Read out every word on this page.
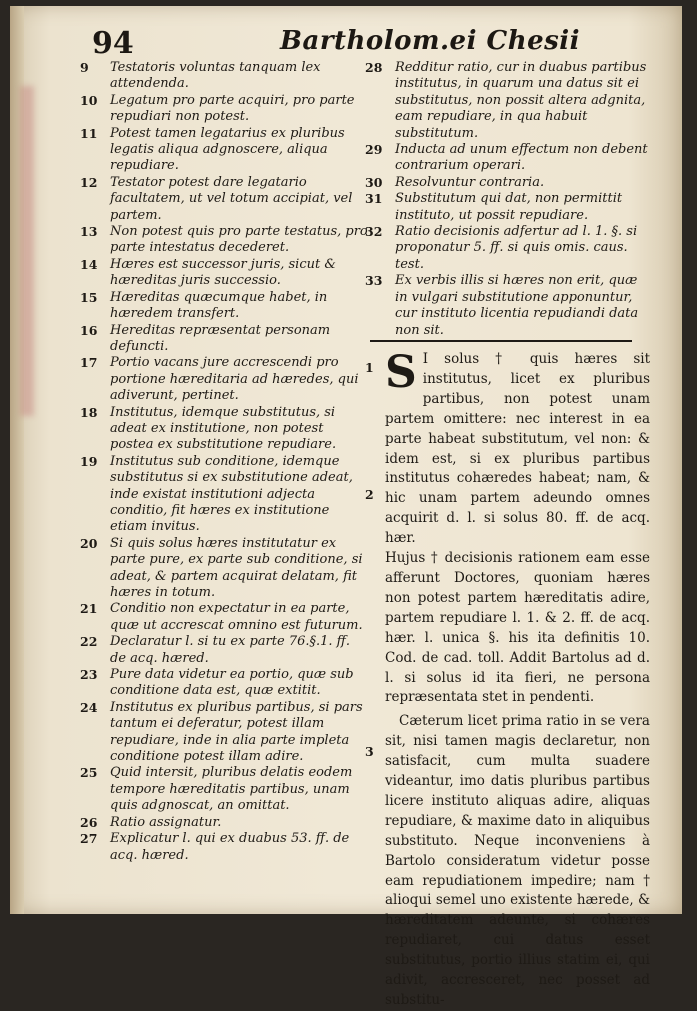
94	Bartholom.ei Chesii
9 Testatoris voluntas tanquam lex attendenda.
10 Legatum pro parte acquiri, pro parte repudiari non potest.
11 Potest tamen legatarius ex pluribus legatis aliqua adgnoscere, aliqua repudiare.
12 Testator potest dare legatario facultatem, ut vel totum accipiat, vel partem.
13 Non potest quis pro parte testatus, pro parte intestatus decederet.
14 Hæres est successor juris, sicut & hæreditas juris successio.
15 Hæreditas quæcumque habet, in hæredem transfert.
16 Hereditas repræsentat personam defuncti.
17 Portio vacans jure accrescendi pro portione hæreditaria ad hæredes, qui adiverunt, pertinet.
18 Institutus, idemque substitutus, si adeat ex institutione, non potest postea ex substitutione repudiare.
19 Institutus sub conditione, idemque substitutus si ex substitutione adeat, inde existat institutioni adjecta conditio, fit hæres ex institutione etiam invitus.
20 Si quis solus hæres institutatur ex parte pure, ex parte sub conditione, si adeat, & partem acquirat delatam, fit hæres in totum.
21 Conditio non expectatur in ea parte, quæ ut accrescat omnino est futurum.
22 Declaratur l. si tu ex parte 76.§.1. ff. de acq. hæred.
23 Pure data videtur ea portio, quæ sub conditione data est, quæ extitit.
24 Institutus ex pluribus partibus, si pars tantum ei deferatur, potest illam repudiare, inde in alia parte impleta conditione potest illam adire.
25 Quid intersit, pluribus delatis eodem tempore hæreditatis partibus, unam quis adgnoscat, an omittat.
26 Ratio assignatur.
27 Explicatur l. qui ex duabus 53. ff. de acq. hæred.
28 Redditur ratio, cur in duabus partibus institutus, in quarum una datus sit ei substitutus, non possit altera adgnita, eam repudiare, in qua habuit substitutum.
29 Inducta ad unum effectum non debent contrarium operari.
30 Resolvuntur contraria.
31 Substitutum qui dat, non permittit instituto, ut possit repudiare.
32 Ratio decisionis adfertur ad l. 1. §. si proponatur 5. ff. si quis omis. caus. test.
33 Ex verbis illis si hæres non erit, quæ in vulgari substitutione apponuntur, cur instituto licentia repudiandi data non sit.
1
2
3

S I solus † quis hæres sit institutus, licet ex pluribus partibus, non potest unam partem omittere: nec interest in ea parte habeat substitutum, vel non: & idem est, si ex pluribus partibus institutus cohæredes habeat; nam, & hic unam partem adeundo omnes acquirit d. l. si solus 80. ff. de acq. hær.

Hujus † decisionis rationem eam esse afferunt Doctores, quoniam hæres non potest partem hæreditatis adire, partem repudiare l. 1. & 2. ff. de acq. hær. l. unica §. his ita definitis 10. Cod. de cad. toll. Addit Bartolus ad d. l. si solus id ita fieri, ne persona repræsentata stet in pendenti.

Cæterum licet prima ratio in se vera sit, nisi tamen magis declaretur, non satisfacit, cum multa suadere videantur, imo datis pluribus partibus licere instituto aliquas adire, aliquas repudiare, & maxime dato in aliquibus substituto. Neque inconveniens à Bartolo consideratum videtur posse eam repudiationem impedire; nam † alioqui semel uno existente hærede, & hæreditatem adeunte, si cohæres repudiaret, cui datus esset substitutus, portio illius statim ei, qui adivit, accresceret, nec posset ad substitu-
